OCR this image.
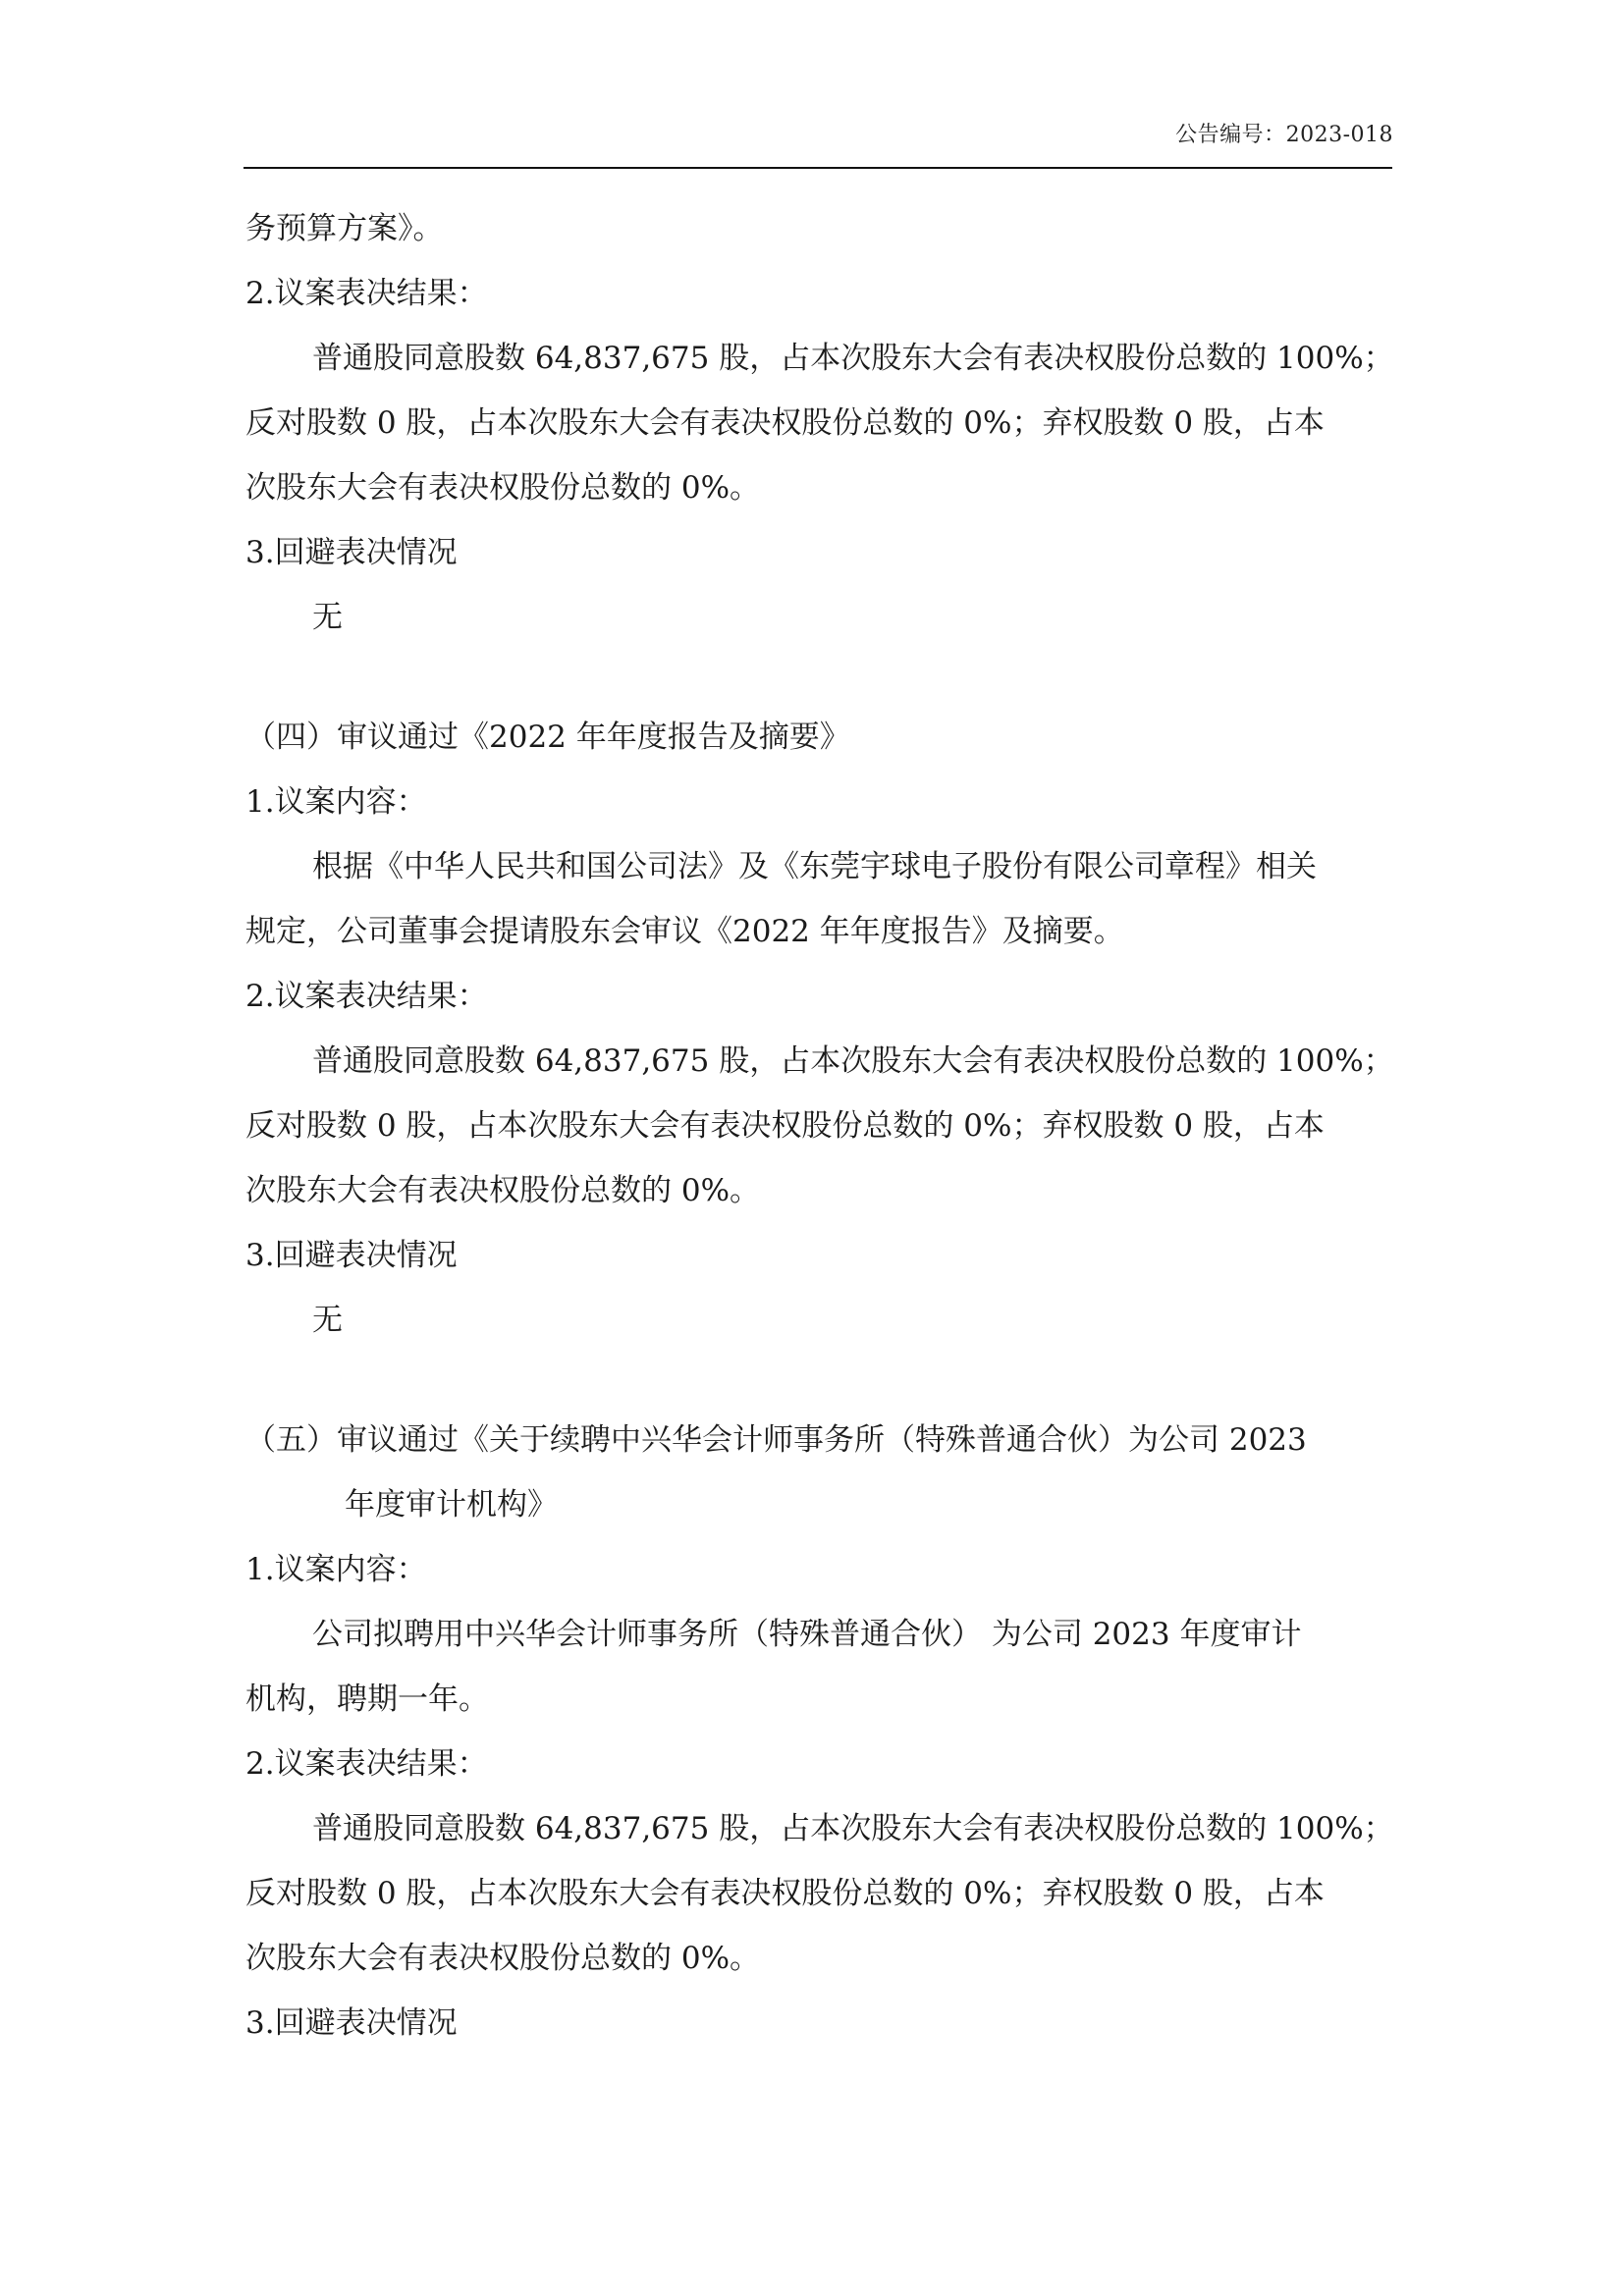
公告编号：2023-018
务预算方案》。
2.议案表决结果：
普通股同意股数 64,837,675 股，占本次股东大会有表决权股份总数的 100%；
反对股数 0 股，占本次股东大会有表决权股份总数的 0%；弃权股数 0 股，占本
次股东大会有表决权股份总数的 0%。
3.回避表决情况
无
（四）审议通过《2022 年年度报告及摘要》
1.议案内容：
根据《中华人民共和国公司法》及《东莞宇球电子股份有限公司章程》相关
规定，公司董事会提请股东会审议《2022 年年度报告》及摘要。
2.议案表决结果：
普通股同意股数 64,837,675 股，占本次股东大会有表决权股份总数的 100%；
反对股数 0 股，占本次股东大会有表决权股份总数的 0%；弃权股数 0 股，占本
次股东大会有表决权股份总数的 0%。
3.回避表决情况
无
（五）审议通过《关于续聘中兴华会计师事务所（特殊普通合伙）为公司 2023
年度审计机构》
1.议案内容：
公司拟聘用中兴华会计师事务所（特殊普通合伙） 为公司 2023 年度审计
机构，聘期一年。
2.议案表决结果：
普通股同意股数 64,837,675 股，占本次股东大会有表决权股份总数的 100%；
反对股数 0 股，占本次股东大会有表决权股份总数的 0%；弃权股数 0 股，占本
次股东大会有表决权股份总数的 0%。
3.回避表决情况
